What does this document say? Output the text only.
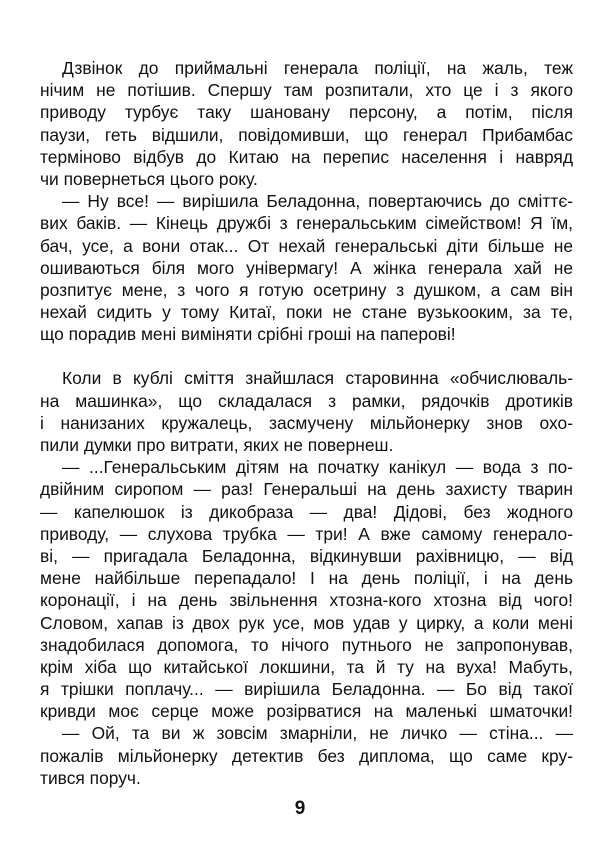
Дзвінок до приймальні генерала поліції, на жаль, теж
нічим не потішив. Спершу там розпитали, хто це і з якого
приводу турбує таку шановану персону, а потім, після
паузи, геть відшили, повідомивши, що генерал Прибамбас
терміново відбув до Китаю на перепис населення і навряд
чи повернеться цього року.
— Ну все! — вирішила Беладонна, повертаючись до сміттє-
вих баків. — Кінець дружбі з генеральським сімейством! Я їм,
бач, усе, а вони отак... От нехай генеральські діти більше не
ошиваються біля мого універмагу! А жінка генерала хай не
розпитує мене, з чого я готую осетрину з душком, а сам він
нехай сидить у тому Китаї, поки не стане вузькооким, за те,
що порадив мені виміняти срібні гроші на паперові!
Коли в кублі сміття знайшлася старовинна «обчислюваль-
на машинка», що складалася з рамки, рядочків дротиків
і нанизаних кружалець, засмучену мільйонерку знов охо-
пили думки про витрати, яких не повернеш.
— ...Генеральським дітям на початку канікул — вода з по-
двійним сиропом — раз! Генеральші на день захисту тварин
— капелюшок із дикобраза — два! Дідові, без жодного
приводу, — слухова трубка — три! А вже самому генерало-
ві, — пригадала Беладонна, відкинувши рахівницю, — від
мене найбільше перепадало! І на день поліції, і на день
коронації, і на день звільнення хтозна-кого хтозна від чого!
Словом, хапав із двох рук усе, мов удав у цирку, а коли мені
знадобилася допомога, то нічого путнього не запропонував,
крім хіба що китайської локшини, та й ту на вуха! Мабуть,
я трішки поплачу... — вирішила Беладонна. — Бо від такої
кривди моє серце може розірватися на маленькі шматочки!
— Ой, та ви ж зовсім змарніли, не личко — стіна... —
пожалів мільйонерку детектив без диплома, що саме кру-
тився поруч.
9
